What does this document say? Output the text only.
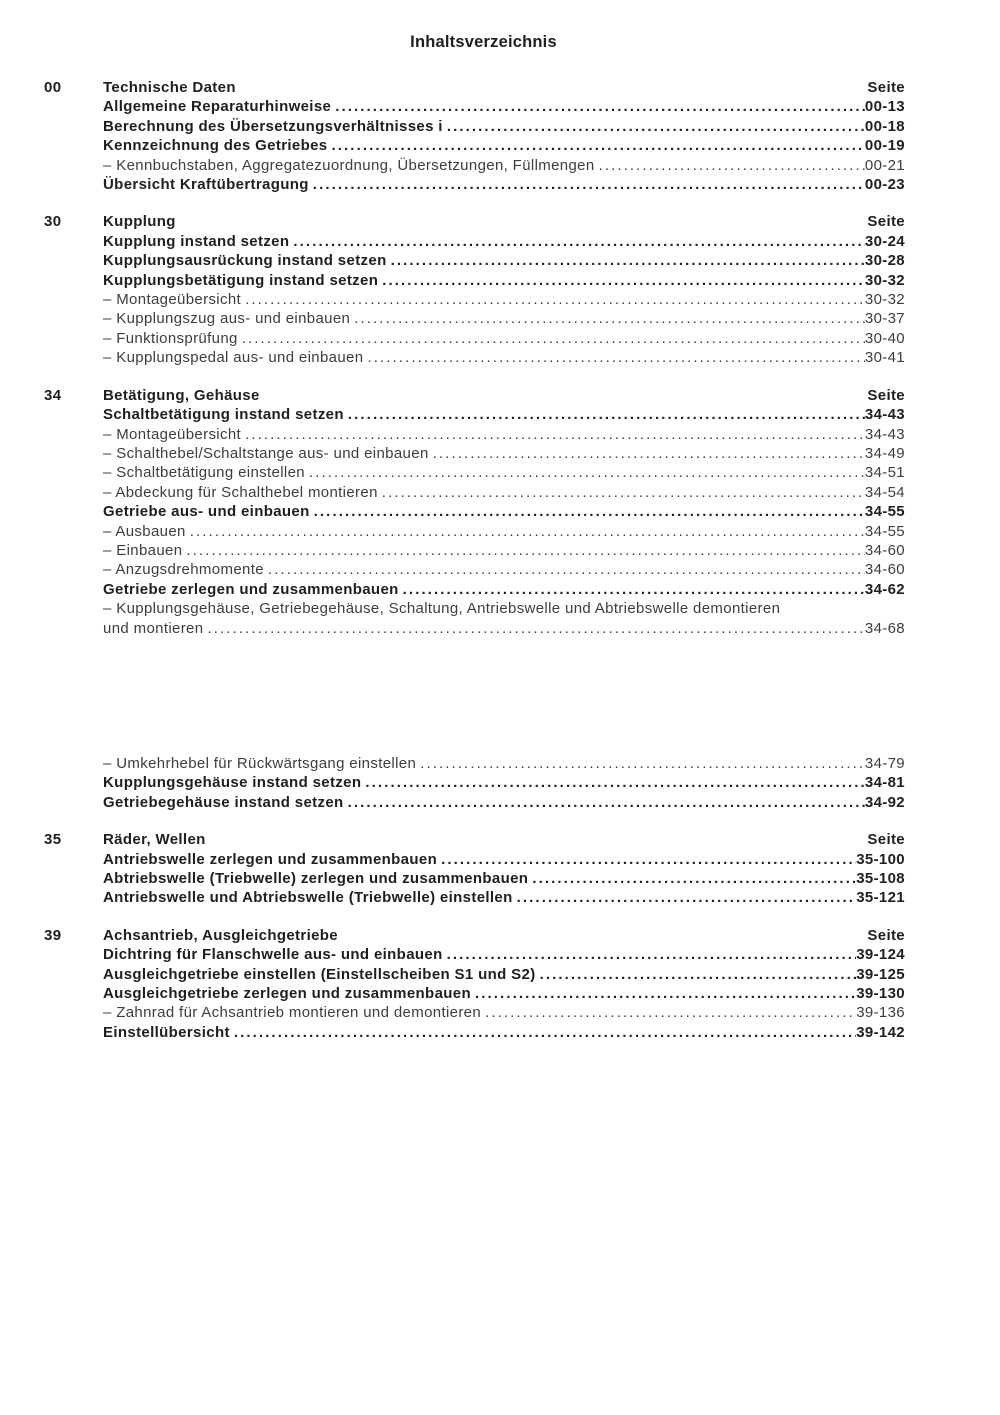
Inhaltsverzeichnis
00	Technische Daten	Seite
Allgemeine Reparaturhinweise .....	00-13
Berechnung des Übersetzungsverhältnisses i .....	00-18
Kennzeichnung des Getriebes .....	00-19
– Kennbuchstaben, Aggregatezuordnung, Übersetzungen, Füllmengen .....	00-21
Übersicht Kraftübertragung .....	00-23
30	Kupplung	Seite
Kupplung instand setzen .....	30-24
Kupplungsausrückung instand setzen .....	30-28
Kupplungsbetätigung instand setzen .....	30-32
– Montageübersicht .....	30-32
– Kupplungszug aus- und einbauen .....	30-37
– Funktionsprüfung .....	30-40
– Kupplungspedal aus- und einbauen .....	30-41
34	Betätigung, Gehäuse	Seite
Schaltbetätigung instand setzen .....	34-43
– Montageübersicht .....	34-43
– Schalthebel/Schaltstange aus- und einbauen .....	34-49
– Schaltbetätigung einstellen .....	34-51
– Abdeckung für Schalthebel montieren .....	34-54
Getriebe aus- und einbauen .....	34-55
– Ausbauen .....	34-55
– Einbauen .....	34-60
– Anzugsdrehmomente .....	34-60
Getriebe zerlegen und zusammenbauen .....	34-62
– Kupplungsgehäuse, Getriebegehäuse, Schaltung, Antriebswelle und Abtriebswelle demontieren
und montieren .....	34-68
– Umkehrhebel für Rückwärtsgang einstellen .....	34-79
Kupplungsgehäuse instand setzen .....	34-81
Getriebegehäuse instand setzen .....	34-92
35	Räder, Wellen	Seite
Antriebswelle zerlegen und zusammenbauen .....	35-100
Abtriebswelle (Triebwelle) zerlegen und zusammenbauen .....	35-108
Antriebswelle und Abtriebswelle (Triebwelle) einstellen .....	35-121
39	Achsantrieb, Ausgleichgetriebe	Seite
Dichtring für Flanschwelle aus- und einbauen .....	39-124
Ausgleichgetriebe einstellen (Einstellscheiben S1 und S2) .....	39-125
Ausgleichgetriebe zerlegen und zusammenbauen .....	39-130
– Zahnrad für Achsantrieb montieren und demontieren .....	39-136
Einstellübersicht .....	39-142
